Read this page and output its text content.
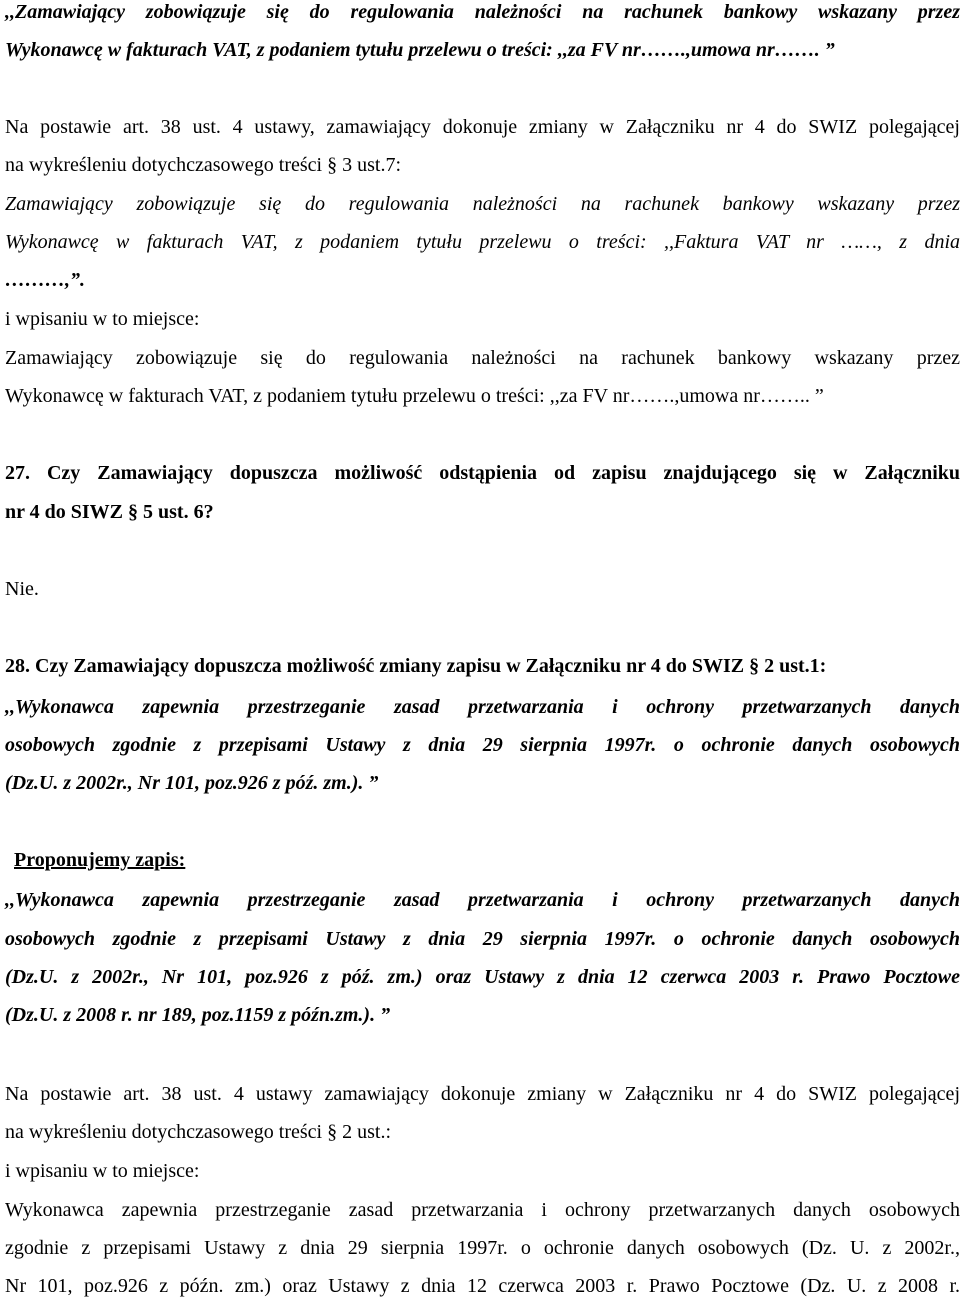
,,Zamawiający zobowiązuje się do regulowania należności na rachunek bankowy wskazany przez
Wykonawcę w fakturach VAT, z podaniem tytułu przelewu o treści: ,,za FV nr…….,umowa nr……. ”
Na postawie art. 38 ust. 4 ustawy, zamawiający dokonuje zmiany w Załączniku nr 4 do SWIZ polegającej
na wykreśleniu dotychczasowego treści § 3 ust.7:
Zamawiający zobowiązuje się do regulowania należności na rachunek bankowy wskazany przez
Wykonawcę w fakturach VAT, z podaniem tytułu przelewu o treści: ,,Faktura VAT nr ……, z dnia
………,”.
i wpisaniu w to miejsce:
Zamawiający zobowiązuje się do regulowania należności na rachunek bankowy wskazany przez
Wykonawcę w fakturach VAT, z podaniem tytułu przelewu o treści: ,,za FV nr…….,umowa nr…….. ”
27. Czy Zamawiający dopuszcza możliwość odstąpienia od zapisu znajdującego się w Załączniku
nr 4 do SIWZ § 5 ust. 6?
Nie.
28. Czy Zamawiający dopuszcza możliwość zmiany zapisu w Załączniku nr 4 do SWIZ § 2 ust.1:
,,Wykonawca zapewnia przestrzeganie zasad przetwarzania i ochrony przetwarzanych danych
osobowych zgodnie z przepisami Ustawy z dnia 29 sierpnia 1997r. o ochronie danych osobowych
(Dz.U. z 2002r., Nr 101, poz.926 z póź. zm.). ”
Proponujemy zapis:
,,Wykonawca zapewnia przestrzeganie zasad przetwarzania i ochrony przetwarzanych danych
osobowych zgodnie z przepisami Ustawy z dnia 29 sierpnia 1997r. o ochronie danych osobowych
(Dz.U. z 2002r., Nr 101, poz.926 z póź. zm.) oraz Ustawy z dnia 12 czerwca 2003 r. Prawo Pocztowe
(Dz.U. z 2008 r. nr 189, poz.1159 z późn.zm.). ”
Na postawie art. 38 ust. 4 ustawy zamawiający dokonuje zmiany w Załączniku nr 4 do SWIZ polegającej
na wykreśleniu dotychczasowego treści § 2 ust.:
i wpisaniu w to miejsce:
Wykonawca zapewnia przestrzeganie zasad przetwarzania i ochrony przetwarzanych danych osobowych
zgodnie z przepisami Ustawy z dnia 29 sierpnia 1997r. o ochronie danych osobowych (Dz. U. z 2002r.,
Nr 101, poz.926 z późn. zm.) oraz Ustawy z dnia 12 czerwca 2003 r. Prawo Pocztowe (Dz. U. z 2008 r.
